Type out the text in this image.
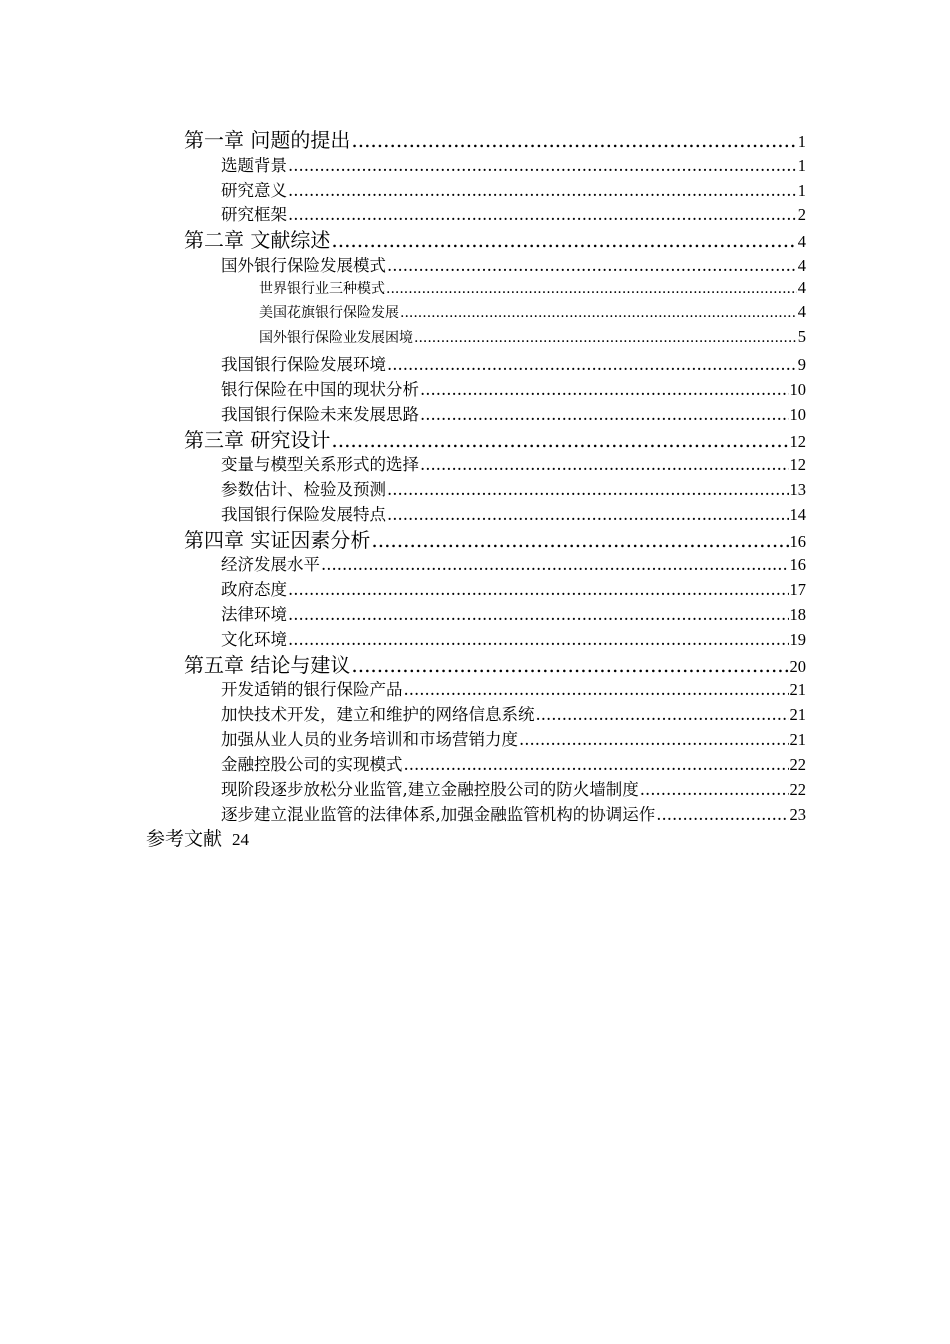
第一章 问题的提出 .....	1
选题背景 .....	1
研究意义 .....	1
研究框架 .....	2
第二章 文献综述 .....	4
国外银行保险发展模式 .....	4
世界银行业三种模式 .....	4
美国花旗银行保险发展 .....	4
国外银行保险业发展困境 .....	5
我国银行保险发展环境 .....	9
银行保险在中国的现状分析 .....	10
我国银行保险未来发展思路 .....	10
第三章 研究设计 .....	12
变量与模型关系形式的选择 .....	12
参数估计、检验及预测 .....	13
我国银行保险发展特点 .....	14
第四章 实证因素分析 .....	16
经济发展水平 .....	16
政府态度 .....	17
法律环境 .....	18
文化环境 .....	19
第五章 结论与建议 .....	20
开发适销的银行保险产品 .....	21
加快技术开发，建立和维护的网络信息系统 .....	21
加强从业人员的业务培训和市场营销力度 .....	21
金融控股公司的实现模式 .....	22
现阶段逐步放松分业监管,建立金融控股公司的防火墙制度 .....	22
逐步建立混业监管的法律体系,加强金融监管机构的协调运作 .....	23
参考文献 24
